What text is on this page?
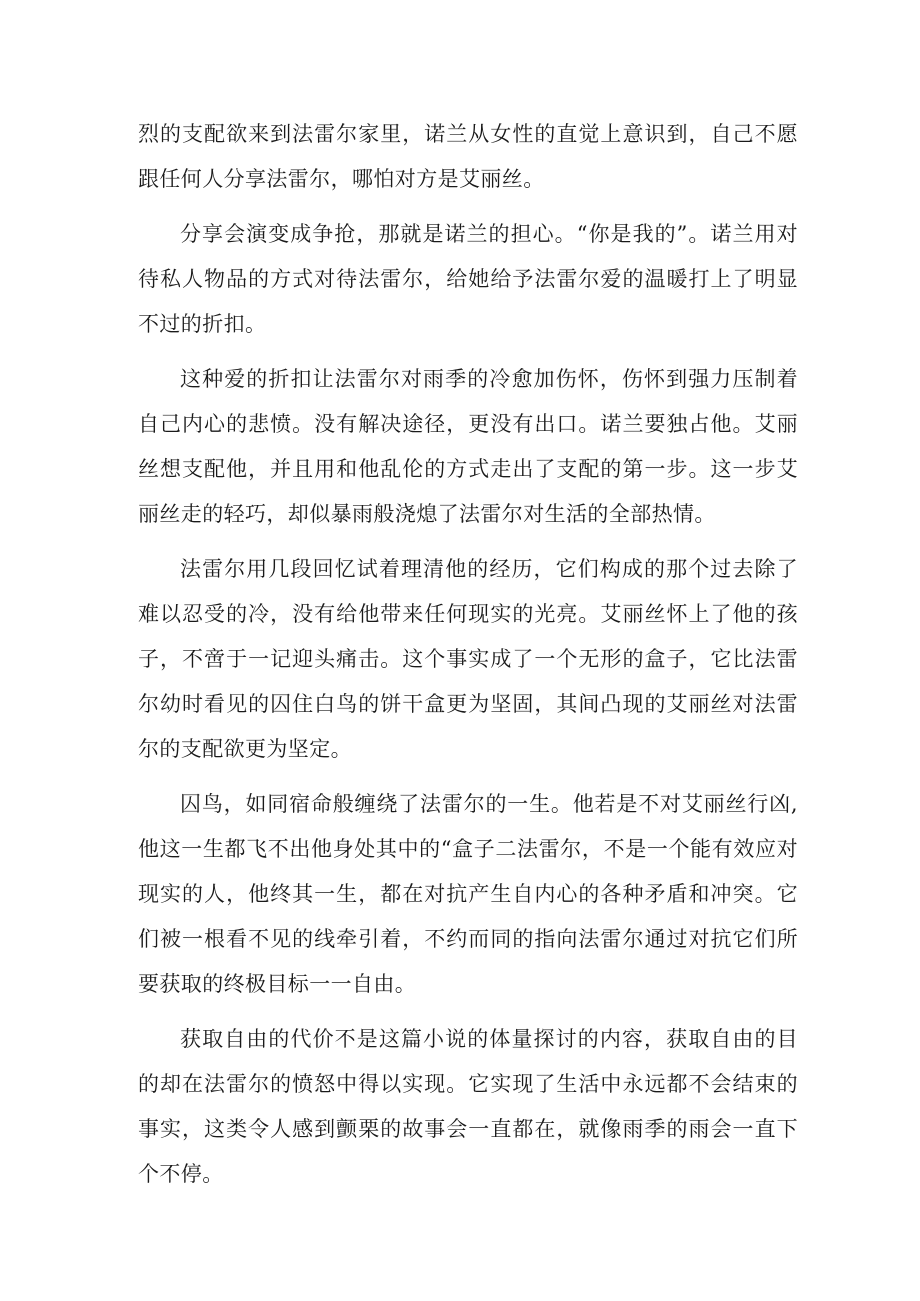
烈的支配欲来到法雷尔家里，诺兰从女性的直觉上意识到，自己不愿跟任何人分享法雷尔，哪怕对方是艾丽丝。

分享会演变成争抢，那就是诺兰的担心。“你是我的”。诺兰用对待私人物品的方式对待法雷尔，给她给予法雷尔爱的温暖打上了明显不过的折扣。

这种爱的折扣让法雷尔对雨季的冷愈加伤怀，伤怀到强力压制着自己内心的悲愤。没有解决途径，更没有出口。诺兰要独占他。艾丽丝想支配他，并且用和他乱伦的方式走出了支配的第一步。这一步艾丽丝走的轻巧，却似暴雨般浇熄了法雷尔对生活的全部热情。

法雷尔用几段回忆试着理清他的经历，它们构成的那个过去除了难以忍受的冷，没有给他带来任何现实的光亮。艾丽丝怀上了他的孩子，不啻于一记迎头痛击。这个事实成了一个无形的盒子，它比法雷尔幼时看见的囚住白鸟的饼干盒更为坚固，其间凸现的艾丽丝对法雷尔的支配欲更为坚定。

囚鸟，如同宿命般缠绕了法雷尔的一生。他若是不对艾丽丝行凶,他这一生都飞不出他身处其中的“盒子二法雷尔，不是一个能有效应对现实的人，他终其一生，都在对抗产生自内心的各种矛盾和冲突。它们被一根看不见的线牵引着，不约而同的指向法雷尔通过对抗它们所要获取的终极目标一一自由。

获取自由的代价不是这篇小说的体量探讨的内容，获取自由的目的却在法雷尔的愤怒中得以实现。它实现了生活中永远都不会结束的事实，这类令人感到颤栗的故事会一直都在，就像雨季的雨会一直下个不停。
